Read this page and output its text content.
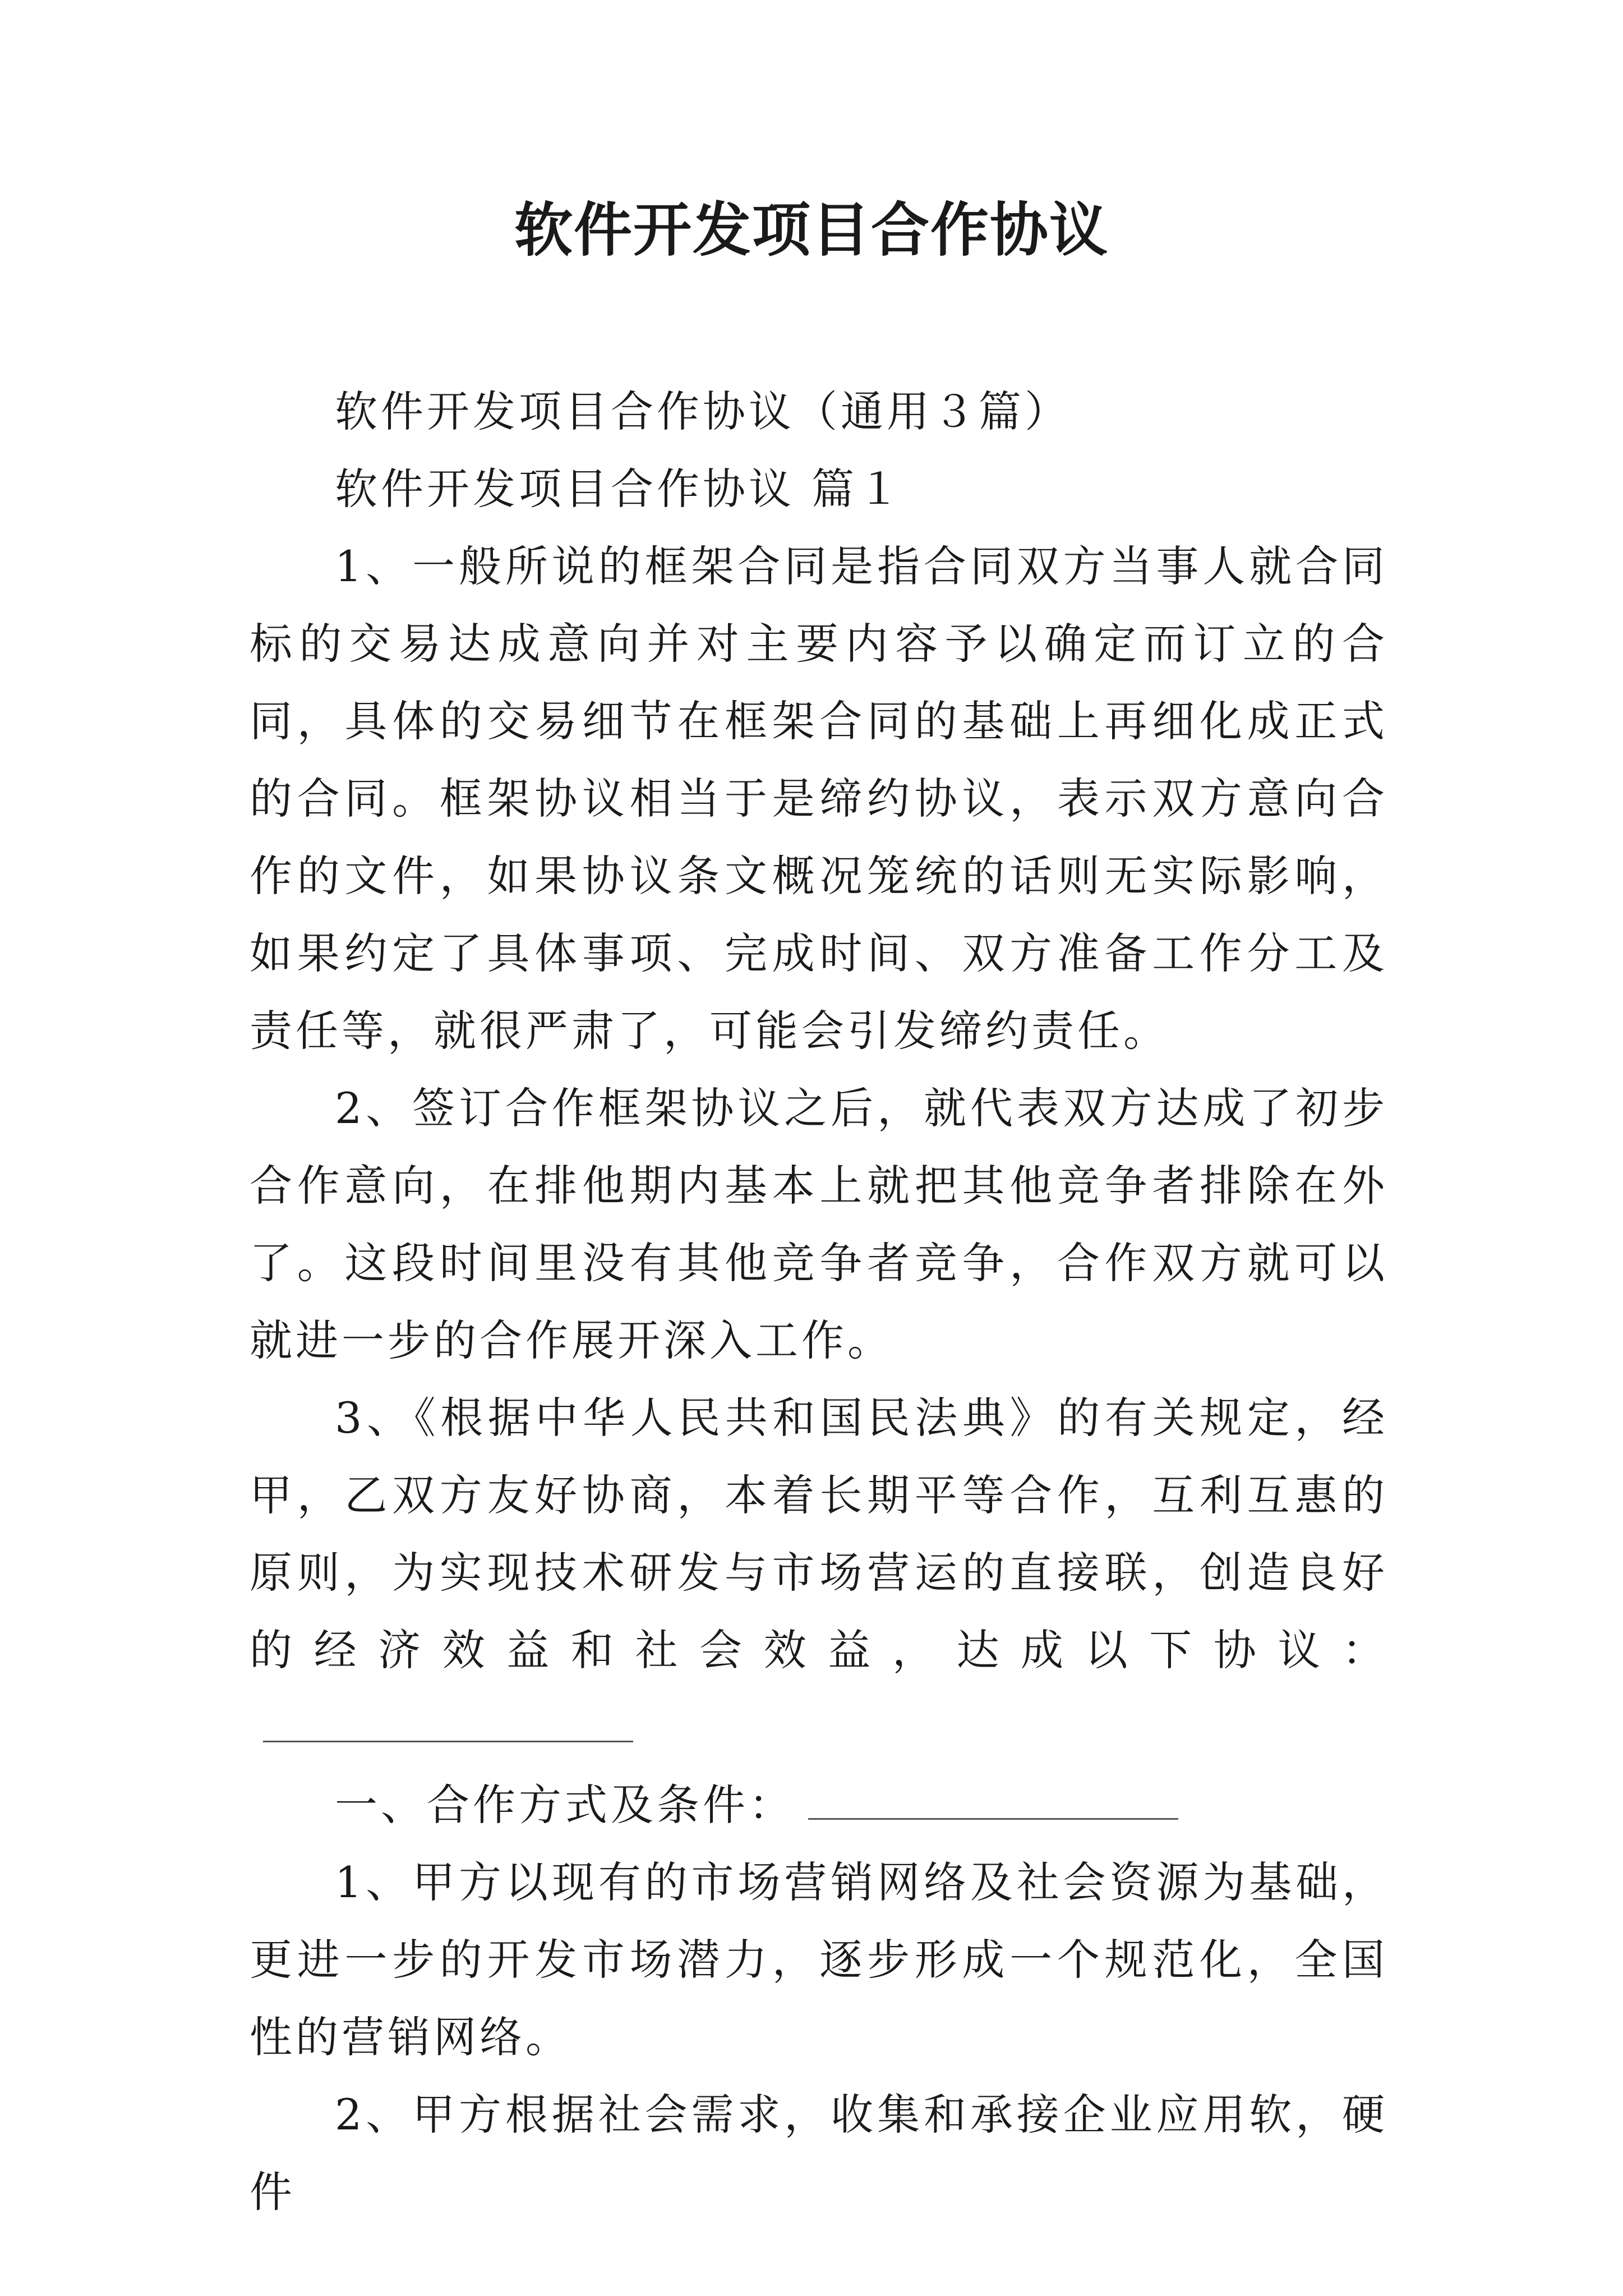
软件开发项目合作协议

软件开发项目合作协议（通用３篇）

软件开发项目合作协议 篇１

1、一般所说的框架合同是指合同双方当事人就合同标的交易达成意向并对主要内容予以确定而订立的合同，具体的交易细节在框架合同的基础上再细化成正式的合同。框架协议相当于是缔约协议，表示双方意向合作的文件，如果协议条文概况笼统的话则无实际影响，如果约定了具体事项、完成时间、双方准备工作分工及责任等，就很严肃了，可能会引发缔约责任。

2、签订合作框架协议之后，就代表双方达成了初步合作意向，在排他期内基本上就把其他竞争者排除在外了。这段时间里没有其他竞争者竞争，合作双方就可以就进一步的合作展开深入工作。

3、《根据中华人民共和国民法典》的有关规定，经甲，乙双方友好协商，本着长期平等合作，互利互惠的原则，为实现技术研发与市场营运的直接联，创造良好的经济效益和社会效益，达成以下协议：

一、合作方式及条件：

1、甲方以现有的市场营销网络及社会资源为基础，更进一步的开发市场潜力，逐步形成一个规范化，全国性的营销网络。

2、甲方根据社会需求，收集和承接企业应用软，硬件
